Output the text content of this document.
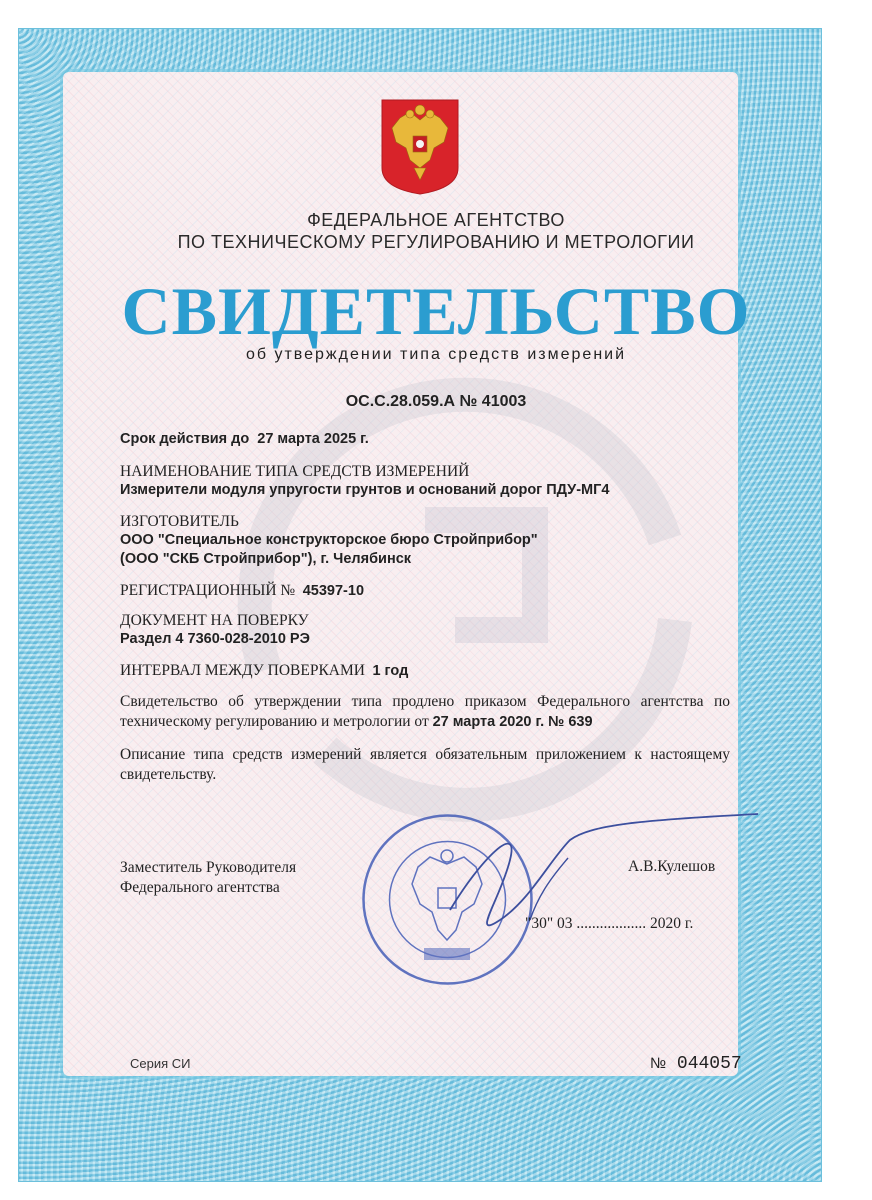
ФЕДЕРАЛЬНОЕ АГЕНТСТВО
ПО ТЕХНИЧЕСКОМУ РЕГУЛИРОВАНИЮ И МЕТРОЛОГИИ
СВИДЕТЕЛЬСТВО
об утверждении типа средств измерений
ОС.С.28.059.А № 41003
Срок действия до 27 марта 2025 г.
НАИМЕНОВАНИЕ ТИПА СРЕДСТВ ИЗМЕРЕНИЙ
Измерители модуля упругости грунтов и оснований дорог ПДУ-МГ4
ИЗГОТОВИТЕЛЬ
ООО "Специальное конструкторское бюро Стройприбор"
(ООО "СКБ Стройприбор"), г. Челябинск
РЕГИСТРАЦИОННЫЙ № 45397-10
ДОКУМЕНТ НА ПОВЕРКУ
Раздел 4 7360-028-2010 РЭ
ИНТЕРВАЛ МЕЖДУ ПОВЕРКАМИ 1 год
Свидетельство об утверждении типа продлено приказом Федерального агентства по техническому регулированию и метрологии от 27 марта 2020 г. № 639
Описание типа средств измерений является обязательным приложением к настоящему свидетельству.
Заместитель Руководителя
Федерального агентства
А.В.Кулешов
"30" 03 .................. 2020 г.
Серия СИ	№ 044057
